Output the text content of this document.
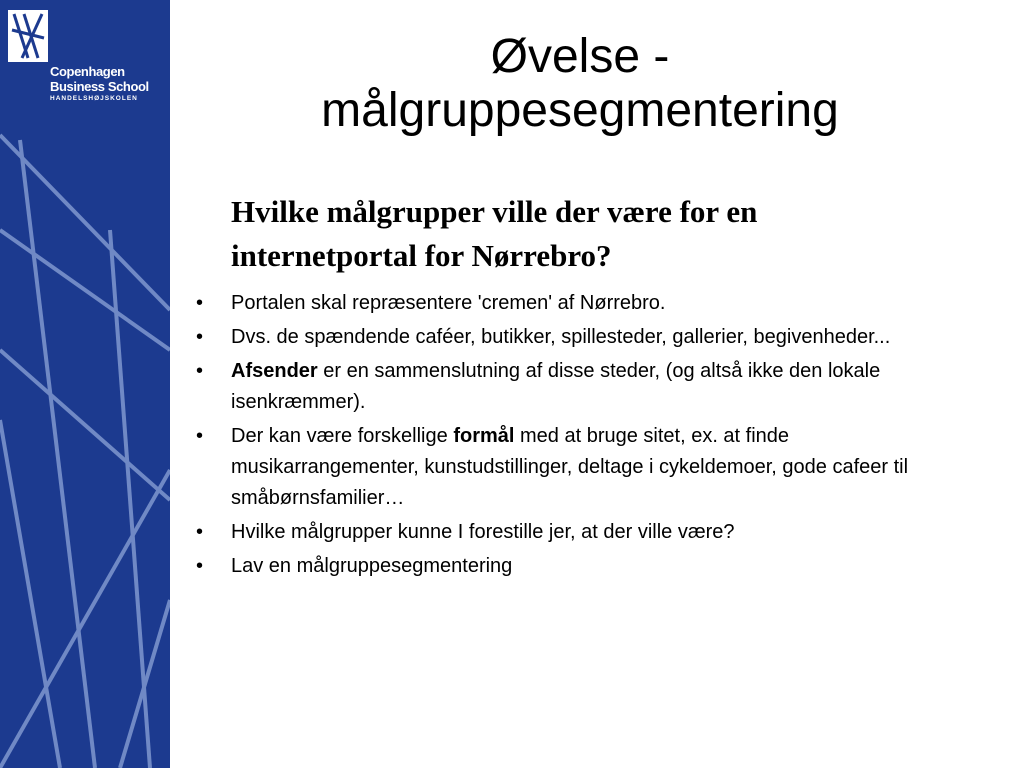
Copenhagen
Business School
HANDELSHØJSKOLEN
Øvelse -
målgruppesegmentering
Hvilke målgrupper ville der være for en
internetportal for Nørrebro?
• Portalen skal repræsentere 'cremen' af Nørrebro.
• Dvs. de spændende caféer, butikker, spillesteder, gallerier, begivenheder...
• Afsender er en sammenslutning af disse steder, (og altså ikke den lokale isenkræmmer).
• Der kan være forskellige formål med at bruge sitet, ex. at finde musikarrangementer, kunstudstillinger, deltage i cykeldemoer, gode cafeer til småbørnsfamilier…
• Hvilke målgrupper kunne I forestille jer, at der ville være?
• Lav en målgruppesegmentering
